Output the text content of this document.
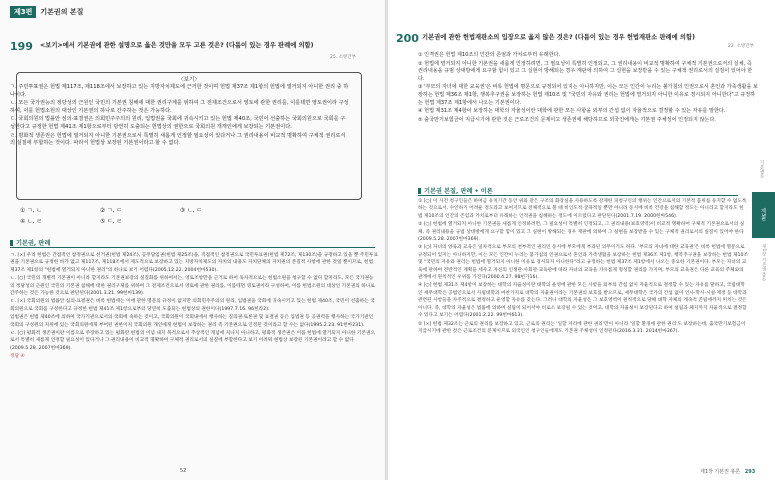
제3편	기본권의 본질
199 <보기>에서 기본권에 관한 설명으로 옳은 것만을 모두 고른 것은? (다툼이 있는 경우 판례에 의함)
25. 소방간부
〈보기〉

ㄱ. 주민투표권은 헌법 제117조, 제118조에서 보장하고 있는 지방자치제도에 근거한 것이며 헌법 제37조 제1항의 헌법에 열거되지 아니한 권리 중 하나이다.

ㄴ. 모든 국가권능의 정당성의 근원인 국민의 기본권 침해에 대한 권리구제를 위하여 그 전제조건으로서 영토에 관한 권리를, 이를테면 영토권이라 구성하여, 이를 헌법소원의 대상인 기본권의 하나로 간주하는 것은 가능하다.

ㄷ. 국회의원의 법률안 심의·표결권은 의회민주주의의 원리, 입법권을 국회에 귀속시키고 있는 헌법 제40조, 국민이 선출하는 국회의원으로 국회를 구성한다고 규정한 헌법 제41조 제1항으로부터 당연히 도출되는 헌법상의 권한으로 국회의원 개개인에게 보장되는 기본권이다.

ㄹ. 평화적 생존권은 헌법에 열거되지 아니한 기본권으로서 특별히 새롭게 인정할 필요성이 있다거나 그 권리내용이 비교적 명확하여 구체적 권리로서의 실질에 부합하는 것이다. 따라서 헌법상 보장된 기본권이라고 할 수 없다.

① ㄱ, ㄴ	② ㄱ, ㄷ	③ ㄴ, ㄷ
④ ㄴ, ㄹ	⑤ ㄷ, ㄹ
기본권, 판례

ㄱ. [×] 우리 헌법은 간접적인 참정권으로 선거권(헌법 제24조), 공무담임권(헌법 제25조)을, 직접적인 참정권으로 국민투표권(헌법 제72조, 제130조)을 규정하고 있을 뿐 주민투표권을 기본권으로 규정한 바가 없고 제117조, 제118조에서 제도적으로 보장하고 있는 지방자치제도의 자치의 내용도 자치단체의 자치권의 본질적 사항에 관한 것일 뿐이므로, 헌법 제37조 제1항의 "헌법에 열거되지 아니한 권리"의 하나로 보기 어렵다(2005.12.22. 2004헌마530).

ㄴ. [○] 국민의 개별적 기본권이 아니라 할지라도 기본권보장의 실질화를 위하여서는, 영토조항만을 근거로 하여 독자적으로는 헌법소원을 청구할 수 없다 할지라도, 모든 국가권능의 정당성의 근원인 국민의 기본권 침해에 대한 권리구제를 위하여 그 전제조건으로서 영토에 관한 권리를, 이를테면 영토권이라 구성하여, 이를 헌법소원의 대상인 기본권의 하나로 간주하는 것은 가능한 것으로 판단된다(2001.3.21. 99헌마139).

ㄷ. [×] 국회의원의 법률안 심의·표결권은 비록 헌법에는 이에 관한 명문의 규정이 없지만 의회민주주의의 원리, 입법권을 국회에 귀속시키고 있는 헌법 제40조, 국민이 선출하는 국회의원으로 국회를 구성한다고 규정한 헌법 제41조 제1항으로부터 당연히 도출되는 헌법상의 권한이다(1997.7.16. 96헌라2).

입법권은 헌법 제40조에 의하여 국가기관으로서의 국회에 속하는 것이고, 국회의원이 국회내에서 행사하는 질의권·토론권 및 표결권 등은 입법권 등 공권력을 행사하는 국가기관인 국회의 구성원의 지위에 있는 국회의원에게 부여된 권한이지 국회의원 개인에게 헌법이 보장하는 권리 즉 기본권으로 인정된 것이라고 할 수는 없다(1995.2.23. 91헌마231).

ㄹ. [○] 평화적 생존권이란 이름으로 주장하고 있는 평화란 헌법의 이념 내지 목적으로서 추상적인 개념에 지나지 아니하고, 평화적 생존권은 이를 헌법에 열거되지 아니한 기본권으로서 특별히 새롭게 인정할 필요성이 있다거나 그 권리내용이 비교적 명확하여 구체적 권리로서의 실질에 부합한다고 보기 어려워 헌법상 보장된 기본권이라고 할 수 없다(2009.5.28. 2007헌마369).

정답 ④

52
200 기본권에 관한 헌법재판소의 입장으로 옳지 않은 것은? (다툼이 있는 경우 헌법재판소 판례에 의함)
22. 소방간부

① 인격권은 헌법 제10조의 인간의 존엄과 가치로부터 유래한다.

② 헌법에 열거되지 아니한 기본권을 새롭게 인정하려면, 그 필요성이 특별히 인정되고, 그 권리내용이 비교적 명확하여 구체적 기본권으로서의 실체, 즉 권리내용을 규범 상대방에게 요구할 힘이 있고 그 실현이 방해되는 경우 재판에 의하여 그 실현을 보장받을 수 있는 구체적 권리로서의 실질이 있어야 한다.

③ '부모의 자녀에 대한 교육권'은 비록 헌법에 명문으로 규정되어 있지는 아니하지만, 이는 모든 인간이 누리는 불가침의 인권으로서 혼인과 가족생활을 보장하는 헌법 제36조 제1항, 행복추구권을 보장하는 헌법 제10조 및 "국민의 자유와 권리는 헌법에 열거되지 아니한 이유로 경시되지 아니한다"고 규정하는 헌법 제37조 제1항에서 나오는 기본권이다.

④ 헌법 제31조 제4항이 보장하는 대학의 자율성이란 대학에 관한 모든 사항을 외부의 간섭 없이 자율적으로 결정할 수 있는 자유를 말한다.

⑤ 출국만기보험금이 지급시기에 관한 것은 근로조건의 문제이고 생존권에 해당하므로 외국인에게는 기본권 주체성이 인정되지 않는다.

기본권 본질, 판례 • 이론

① [○] 이 사건 청구인들은 하여금 유치기간 동안 위와 같은 구조의 화장실을 사용하도록 강제한 피청구인의 행위는 인간으로서의 기본적 품위를 유지할 수 없도록 하는 것으로서, 수인하기 어려운 정도라고 보여지므로 전체적으로 볼 때 비인도적·굴욕적일 뿐만 아니라 동시에 비록 건강을 침해할 정도는 아니라고 할지라도 헌법 제10조의 인간의 존엄과 가치로부터 유래하는 인격권을 침해하는 정도에 이르렀다고 판단된다(2001.7.19. 2000헌마546).

② [○] 헌법에 열거되지 아니한 기본권을 새롭게 인정하려면, 그 필요성이 특별히 인정되고, 그 권리내용(보호영역)이 비교적 명확하여 구체적 기본권으로서의 실체, 즉 권리내용을 규범 상대방에게 요구할 힘이 있고 그 실현이 방해되는 경우 재판에 의하여 그 실현을 보장받을 수 있는 구체적 권리로서의 실질이 있어야 한다(2009.5.28. 2007헌마369).

③ [○] 자녀의 양육과 교육은 일차적으로 부모의 천부적인 권리인 동시에 부모에게 부과된 의무이기도 하다. '부모의 자녀에 대한 교육권'은 비록 헌법에 명문으로 규정되어 있지는 아니하지만, 이는 모든 인간이 누리는 불가침의 인권으로서 혼인과 가족생활을 보장하는 헌법 제36조 제1항, 행복추구권을 보장하는 헌법 제10조 및 "국민의 자유와 권리는 헌법에 열거되지 아니한 이유로 경시되지 아니한다"라고 규정하는 헌법 제37조 제1항에서 나오는 중요한 기본권이다. 부모는 자녀의 교육에 관하여 전반적인 계획을 세우고 자신의 인생관·사회관·교육관에 따라 자녀의 교육을 자유롭게 형성할 권리를 가지며, 부모의 교육권은 다른 교육의 주체와의 관계에서 원칙적인 우위를 가진다(2000.4.27. 98헌가16).

④ [○] 헌법 제31조 제4항이 보장하는 대학의 자율성이란 대학의 운영에 관한 모든 사항을 외부의 간섭 없이 자율적으로 결정할 수 있는 자유를 말하고, 국립대학인 세무대학은 공법인으로서 사립대학과 마찬가지로 대학의 자율권이라는 기본권의 보호를 받으므로, 세무대학은 국가의 간섭 없이 인사·학사·시설·재정 등 대학과 관련된 사항들을 자주적으로 결정하고 운영할 자유를 갖는다. 그러나 대학의 자율성은 그 보호영역이 원칙적으로 당해 대학 자체의 계속적 존립에까지 미치는 것은 아니다. 즉, 대학의 자율성은 법률에 의하여 설립이 되어서야 비로소 보장될 수 있는 것이고, 대학의 자율성이 보장된다고 하여 설립과 폐지까지 자율적으로 결정할 수 있다고 보기는 어렵다(2001.2.22. 99헌마613).

⑤ [×] 헌법 제32조는 근로의 권리를 보장하고 있고, 근로의 권리는 '일할 자리에 관한 권리'만이 아니라 '일할 환경에 관한 권리'도 보장하는데, 출국만기보험금이 지급시기에 관한 것은 근로조건의 문제이므로 외국인인 청구인들에게도 기본권 주체성이 인정된다(2016.3.31. 2014헌마367).

제1장 기본권 총론 293
기본권론
제3편
제1장 기본권 총론
